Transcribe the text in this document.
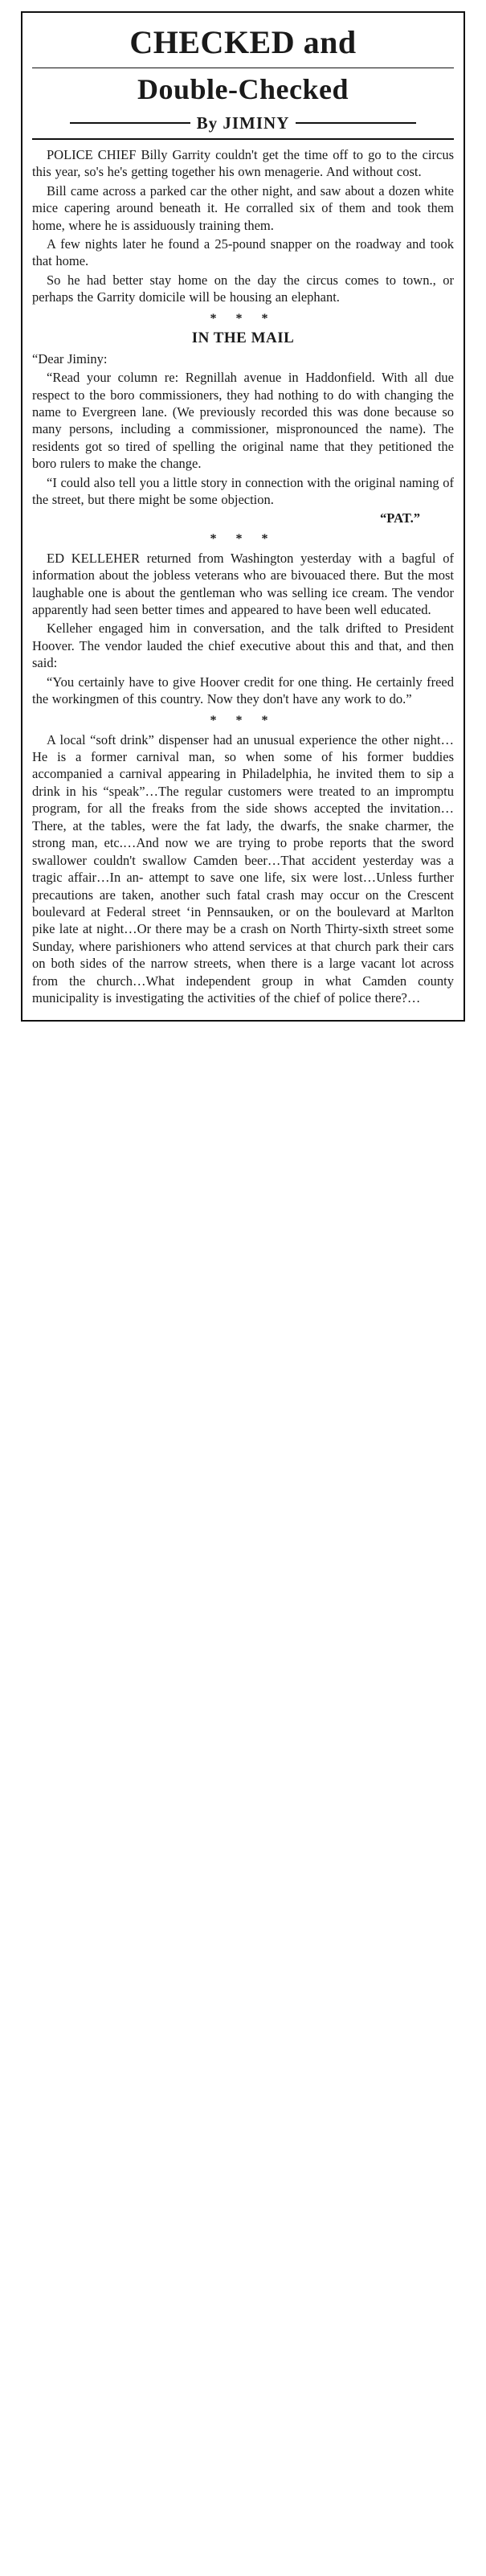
CHECKED and
Double-Checked
By JIMINY

POLICE CHIEF Billy Garrity couldn't get the time off to go to the circus this year, so's he's getting together his own menagerie. And without cost.

Bill came across a parked car the other night, and saw about a dozen white mice capering around beneath it. He corralled six of them and took them home, where he is assiduously training them.

A few nights later he found a 25-pound snapper on the roadway and took that home.

So he had better stay home on the day the circus comes to town., or perhaps the Garrity domicile will be housing an elephant.

* * *
IN THE MAIL

“Dear Jiminy:

“Read your column re: Regnillah avenue in Haddonfield. With all due respect to the boro commissioners, they had nothing to do with changing the name to Evergreen lane. (We previously recorded this was done because so many persons, including a commissioner, mispronounced the name). The residents got so tired of spelling the original name that they petitioned the boro rulers to make the change.

“I could also tell you a little story in connection with the original naming of the street, but there might be some objection.

“PAT.”
* * *

ED KELLEHER returned from Washington yesterday with a bagful of information about the jobless veterans who are bivouaced there. But the most laughable one is about the gentleman who was selling ice cream. The vendor apparently had seen better times and appeared to have been well educated.

Kelleher engaged him in conversation, and the talk drifted to President Hoover. The vendor lauded the chief executive about this and that, and then said:

“You certainly have to give Hoover credit for one thing. He certainly freed the workingmen of this country. Now they don't have any work to do.”

* * *

A local “soft drink” dispenser had an unusual experience the other night…He is a former carnival man, so when some of his former buddies accompanied a carnival appearing in Philadelphia, he invited them to sip a drink in his “speak”…The regular customers were treated to an impromptu program, for all the freaks from the side shows accepted the invitation…There, at the tables, were the fat lady, the dwarfs, the snake charmer, the strong man, etc.…And now we are trying to probe reports that the sword swallower couldn't swallow Camden beer…That accident yesterday was a tragic affair…In an- attempt to save one life, six were lost…Unless further precautions are taken, another such fatal crash may occur on the Crescent boulevard at Federal street ‘in Pennsauken, or on the boulevard at Marlton pike late at night…Or there may be a crash on North Thirty-sixth street some Sunday, where parishioners who attend services at that church park their cars on both sides of the narrow streets, when there is a large vacant lot across from the church…What independent group in what Camden county municipality is investigating the activities of the chief of police there?…
